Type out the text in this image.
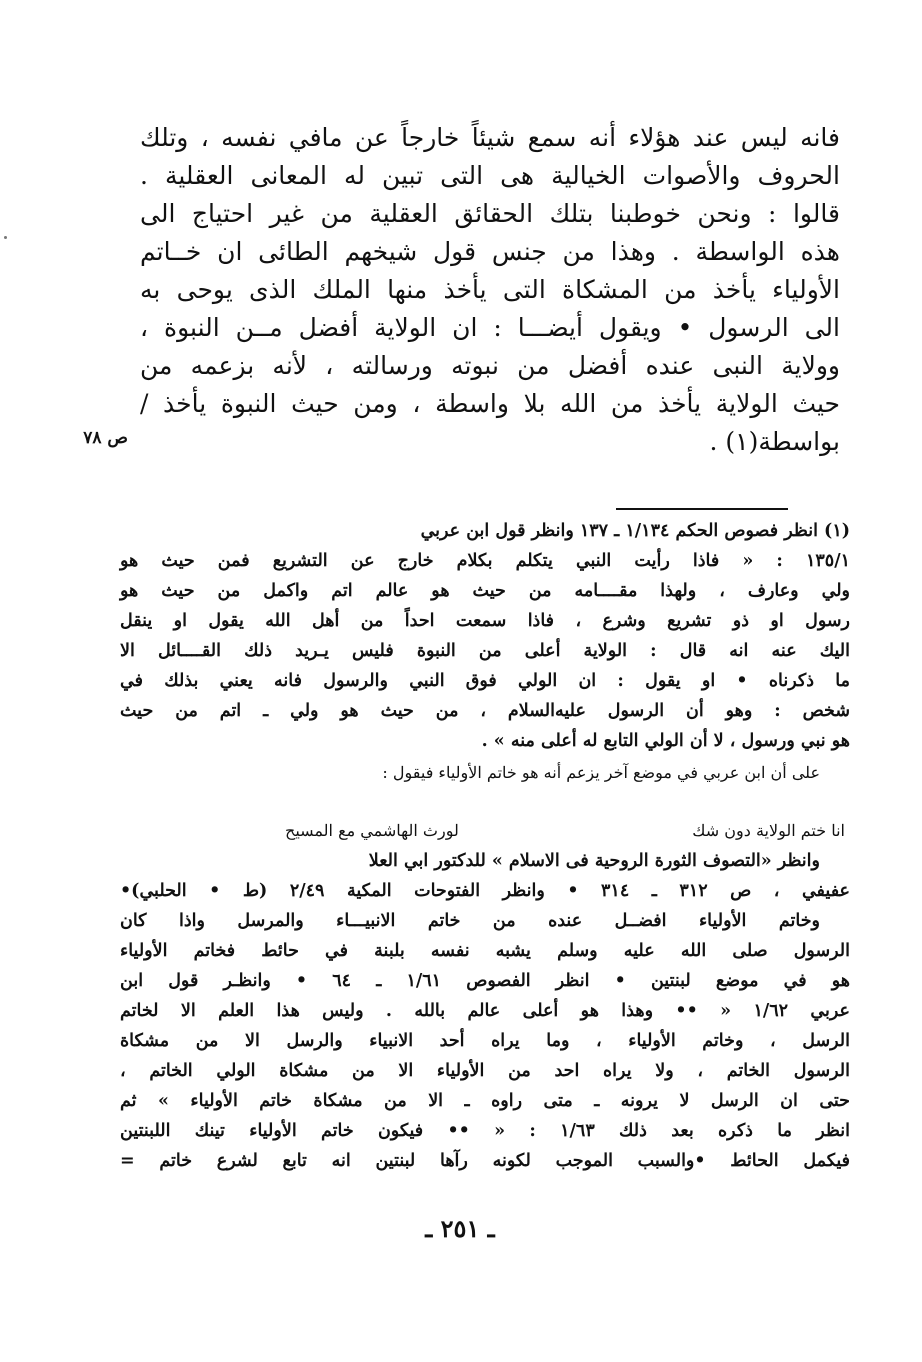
فانه ليس عند هؤلاء أنه سمع شيئاً خارجاً عن مافي نفسه ، وتلك
الحروف والأصوات الخيالية هى التى تبين له المعانى العقلية .
قالوا : ونحن خوطبنا بتلك الحقائق العقلية من غير احتياج الى
هذه الواسطة . وهذا من جنس قول شيخهم الطائى ان خــاتم
الأولياء يأخذ من المشكاة التى يأخذ منها الملك الذى يوحى به
الى الرسول • ويقول أيضـــا : ان الولاية أفضل مــن النبوة ،
وولاية النبى عنده أفضل من نبوته ورسالته ، لأنه بزعمه من
حيث الولاية يأخذ من الله بلا واسطة ، ومن حيث النبوة يأخذ /
بواسطة(١) .
ص ٧٨
(١) انظر فصوص الحكم ١/١٣٤ ـ ١٣٧ وانظر قول ابن عربي
١٣٥/١ : « فاذا رأيت النبي يتكلم بكلام خارج عن التشريع فمن حيث هو
ولي وعارف ، ولهذا مقــــامه من حيث هو عالم اتم واكمل من حيث هو
رسول او ذو تشريع وشرع ، فاذا سمعت احداً من أهل الله يقول او ينقل
اليك عنه انه قال : الولاية أعلى من النبوة فليس يـريد ذلك القــــائل الا
ما ذكرناه • او يقول : ان الولي فوق النبي والرسول فانه يعني بذلك في
شخص : وهو أن الرسول عليه‌السلام ، من حيث هو ولي ـ اتم من حيث
هو نبي ورسول ، لا أن الولي التابع له أعلى منه » .
على أن ابن عربي في موضع آخر يزعم أنه هو خاتم الأولياء فيقول :
وانظر «التصوف الثورة الروحية فى الاسلام » للدكتور ابي العلا
عفيفي ، ص ٣١٢ ـ ٣١٤ • وانظر الفتوحات المكية ٢/٤٩ (ط • الحلبي)•
وخاتم الأولياء افضــل عنده من خاتم الانبيـــاء والمرسل واذا كان
الرسول صلى الله عليه وسلم يشبه نفسه بلبنة في حائط فخاتم الأولياء
هو في موضع لبنتين • انظر الفصوص ١/٦١ ـ ٦٤ • وانظـر قول ابن
عربي ١/٦٢ « •• وهذا هو أعلى عالم بالله . وليس هذا العلم الا لخاتم
الرسل ، وخاتم الأولياء ، وما يراه أحد الانبياء والرسل الا من مشكاة
الرسول الخاتم ، ولا يراه احد من الأولياء الا من مشكاة الولي الخاتم ،
حتى ان الرسل لا يرونه ـ متى راوه ـ الا من مشكاة خاتم الأولياء » ثم
انظر ما ذكره بعد ذلك ١/٦٣ : « •• فيكون خاتم الأولياء تينك اللبنتين
فيكمل الحائط •والسبب الموجب لكونه رآها لبنتين انه تابع لشرع خاتم =
انا ختم الولاية دون شك
لورث الهاشمي مع المسيح
ـ ٢٥١ ـ
